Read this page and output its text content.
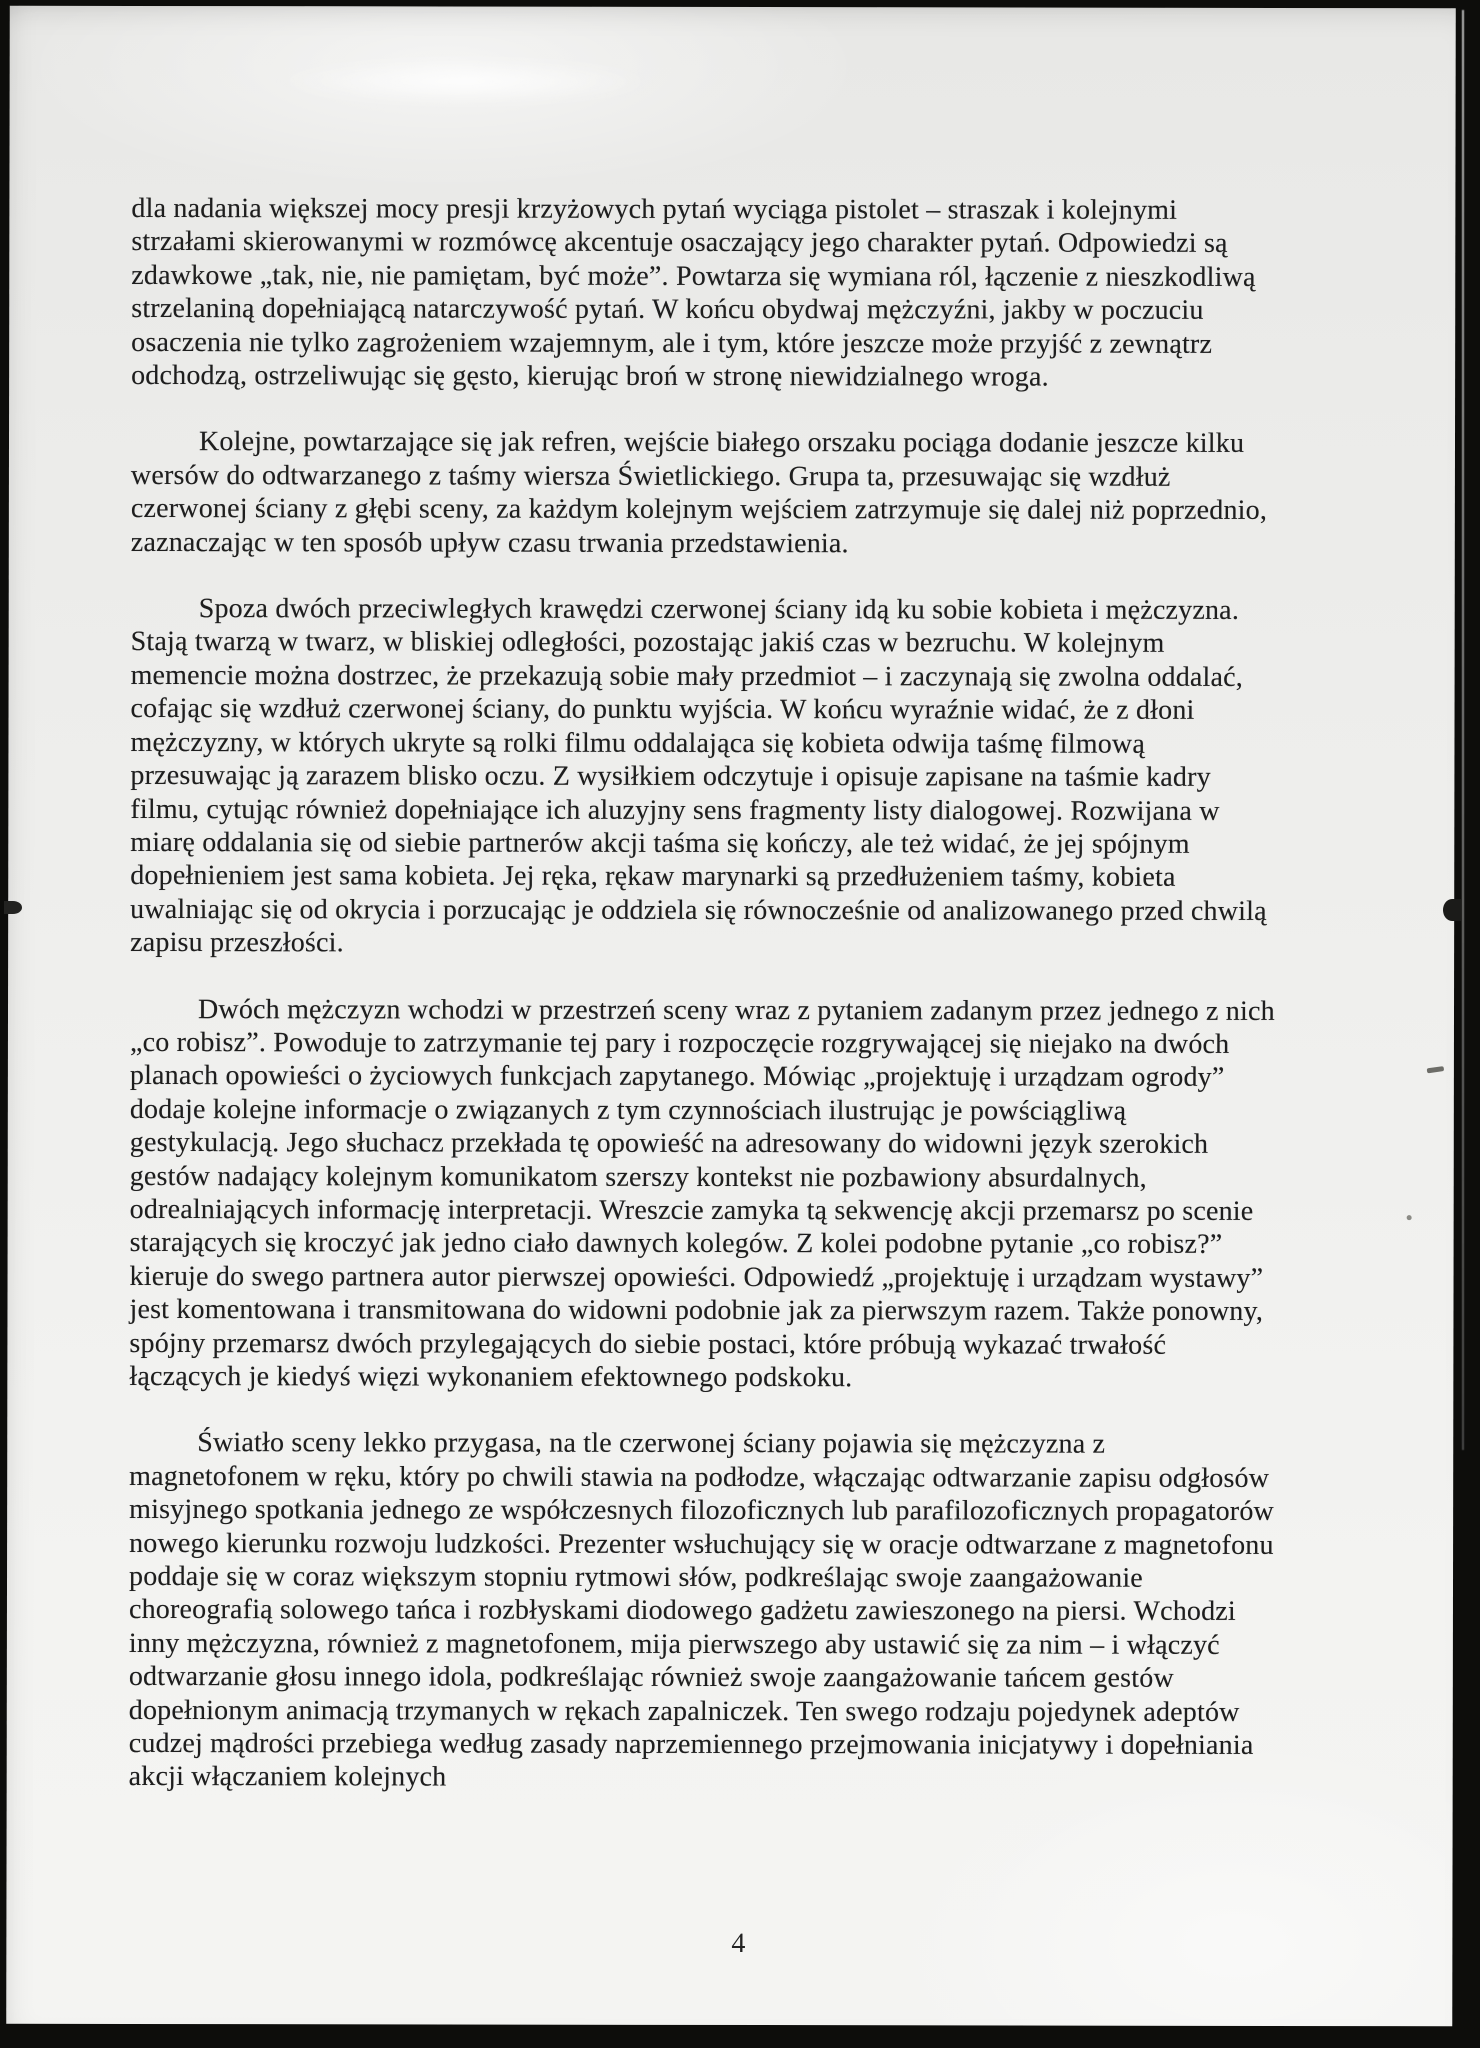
dla nadania większej mocy presji krzyżowych pytań wyciąga pistolet – straszak i kolejnymi strzałami skierowanymi w rozmówcę akcentuje osaczający jego charakter pytań. Odpowiedzi są zdawkowe „tak, nie, nie pamiętam, być może”. Powtarza się wymiana ról, łączenie z nieszkodliwą strzelaniną dopełniającą natarczywość pytań. W końcu obydwaj mężczyźni, jakby w poczuciu osaczenia nie tylko zagrożeniem wzajemnym, ale i tym, które jeszcze może przyjść z zewnątrz odchodzą, ostrzeliwując się gęsto, kierując broń w stronę niewidzialnego wroga.

Kolejne, powtarzające się jak refren, wejście białego orszaku pociąga dodanie jeszcze kilku wersów do odtwarzanego z taśmy wiersza Świetlickiego. Grupa ta, przesuwając się wzdłuż czerwonej ściany z głębi sceny, za każdym kolejnym wejściem zatrzymuje się dalej niż poprzednio, zaznaczając w ten sposób upływ czasu trwania przedstawienia.

Spoza dwóch przeciwległych krawędzi czerwonej ściany idą ku sobie kobieta i mężczyzna. Stają twarzą w twarz, w bliskiej odległości, pozostając jakiś czas w bezruchu. W kolejnym memencie można dostrzec, że przekazują sobie mały przedmiot – i zaczynają się zwolna oddalać, cofając się wzdłuż czerwonej ściany, do punktu wyjścia. W końcu wyraźnie widać, że z dłoni mężczyzny, w których ukryte są rolki filmu oddalająca się kobieta odwija taśmę filmową przesuwając ją zarazem blisko oczu. Z wysiłkiem odczytuje i opisuje zapisane na taśmie kadry filmu, cytując również dopełniające ich aluzyjny sens fragmenty listy dialogowej. Rozwijana w miarę oddalania się od siebie partnerów akcji taśma się kończy, ale też widać, że jej spójnym dopełnieniem jest sama kobieta. Jej ręka, rękaw marynarki są przedłużeniem taśmy, kobieta uwalniając się od okrycia i porzucając je oddziela się równocześnie od analizowanego przed chwilą zapisu przeszłości.

Dwóch mężczyzn wchodzi w przestrzeń sceny wraz z pytaniem zadanym przez jednego z nich „co robisz”. Powoduje to zatrzymanie tej pary i rozpoczęcie rozgrywającej się niejako na dwóch planach opowieści o życiowych funkcjach zapytanego. Mówiąc „projektuję i urządzam ogrody” dodaje kolejne informacje o związanych z tym czynnościach ilustrując je powściągliwą gestykulacją. Jego słuchacz przekłada tę opowieść na adresowany do widowni język szerokich gestów nadający kolejnym komunikatom szerszy kontekst nie pozbawiony absurdalnych, odrealniających informację interpretacji. Wreszcie zamyka tą sekwencję akcji przemarsz po scenie starających się kroczyć jak jedno ciało dawnych kolegów. Z kolei podobne pytanie „co robisz?” kieruje do swego partnera autor pierwszej opowieści. Odpowiedź „projektuję i urządzam wystawy” jest komentowana i transmitowana do widowni podobnie jak za pierwszym razem. Także ponowny, spójny przemarsz dwóch przylegających do siebie postaci, które próbują wykazać trwałość łączących je kiedyś więzi wykonaniem efektownego podskoku.

Światło sceny lekko przygasa, na tle czerwonej ściany pojawia się mężczyzna z magnetofonem w ręku, który po chwili stawia na podłodze, włączając odtwarzanie zapisu odgłosów misyjnego spotkania jednego ze współczesnych filozoficznych lub parafilozoficznych propagatorów nowego kierunku rozwoju ludzkości. Prezenter wsłuchujący się w oracje odtwarzane z magnetofonu poddaje się w coraz większym stopniu rytmowi słów, podkreślając swoje zaangażowanie choreografią solowego tańca i rozbłyskami diodowego gadżetu zawieszonego na piersi. Wchodzi inny mężczyzna, również z magnetofonem, mija pierwszego aby ustawić się za nim – i włączyć odtwarzanie głosu innego idola, podkreślając również swoje zaangażowanie tańcem gestów dopełnionym animacją trzymanych w rękach zapalniczek. Ten swego rodzaju pojedynek adeptów cudzej mądrości przebiega według zasady naprzemiennego przejmowania inicjatywy i dopełniania akcji włączaniem kolejnych

4
